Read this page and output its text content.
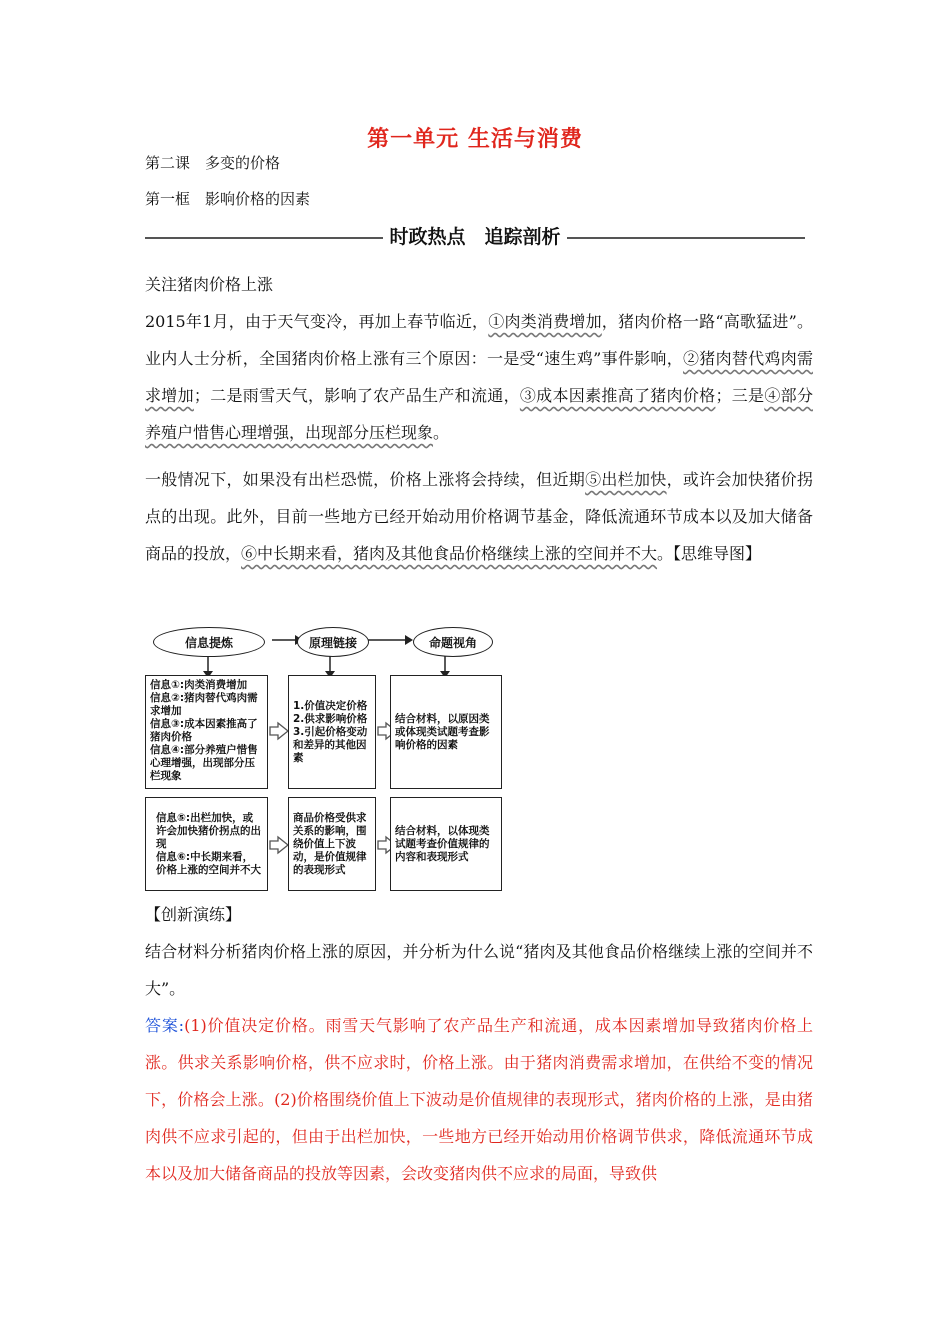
第一单元 生活与消费
第二课　多变的价格
第一框　影响价格的因素
时政热点　追踪剖析
关注猪肉价格上涨
2015年1月，由于天气变冷，再加上春节临近，①肉类消费增加，猪肉价格一路“高歌猛进”。业内人士分析，全国猪肉价格上涨有三个原因：一是受“速生鸡”事件影响，②猪肉替代鸡肉需求增加；二是雨雪天气，影响了农产品生产和流通，③成本因素推高了猪肉价格；三是④部分养殖户惜售心理增强，出现部分压栏现象。
一般情况下，如果没有出栏恐慌，价格上涨将会持续，但近期⑤出栏加快，或许会加快猪价拐点的出现。此外，目前一些地方已经开始动用价格调节基金，降低流通环节成本以及加大储备商品的投放，⑥中长期来看，猪肉及其他食品价格继续上涨的空间并不大。【思维导图】
信息提炼	原理链接	命题视角
信息①:肉类消费增加
信息②:猪肉替代鸡肉需求增加
信息③:成本因素推高了猪肉价格
信息④:部分养殖户惜售心理增强，出现部分压栏现象
1.价值决定价格
2.供求影响价格
3.引起价格变动和差异的其他因素
结合材料，以原因类或体现类试题考查影响价格的因素
信息⑤:出栏加快，或许会加快猪价拐点的出现
信息⑥:中长期来看，价格上涨的空间并不大
商品价格受供求关系的影响，围绕价值上下波动，是价值规律的表现形式
结合材料，以体现类试题考查价值规律的内容和表现形式
【创新演练】
结合材料分析猪肉价格上涨的原因，并分析为什么说“猪肉及其他食品价格继续上涨的空间并不大”。
答案:(1)价值决定价格。雨雪天气影响了农产品生产和流通，成本因素增加导致猪肉价格上涨。供求关系影响价格，供不应求时，价格上涨。由于猪肉消费需求增加，在供给不变的情况下，价格会上涨。(2)价格围绕价值上下波动是价值规律的表现形式，猪肉价格的上涨，是由猪肉供不应求引起的，但由于出栏加快，一些地方已经开始动用价格调节供求，降低流通环节成本以及加大储备商品的投放等因素，会改变猪肉供不应求的局面，导致供
